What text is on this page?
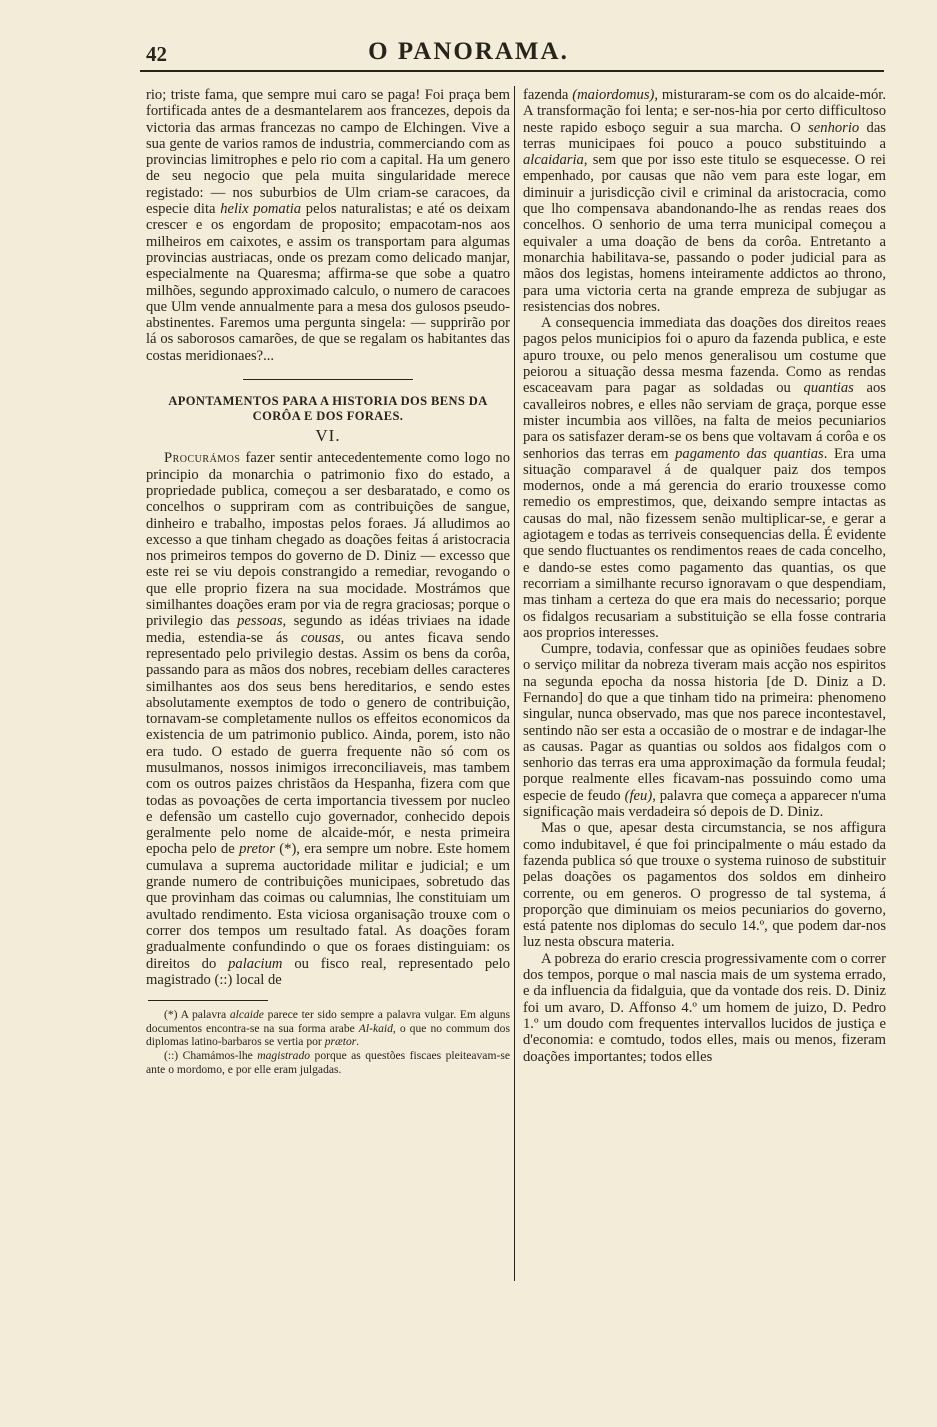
42	O PANORAMA.

rio; triste fama, que sempre mui caro se paga! Foi praça bem fortificada antes de a desmantelarem aos francezes, depois da victoria das armas francezas no campo de Elchingen. Vive a sua gente de varios ramos de industria, commerciando com as provincias limitrophes e pelo rio com a capital. Ha um genero de seu negocio que pela muita singularidade merece registado: — nos suburbios de Ulm criam-se caracoes, da especie dita helix pomatia pelos naturalistas; e até os deixam crescer e os engordam de proposito; empacotam-nos aos milheiros em caixotes, e assim os transportam para algumas provincias austriacas, onde os prezam como delicado manjar, especialmente na Quaresma; affirma-se que sobe a quatro milhões, segundo approximado calculo, o numero de caracoes que Ulm vende annualmente para a mesa dos gulosos pseudo-abstinentes. Faremos uma pergunta singela: — supprirão por lá os saborosos camarões, de que se regalam os habitantes das costas meridionaes?...

APONTAMENTOS PARA A HISTORIA DOS BENS DA CORÔA E DOS FORAES.
VI.

Procurámos fazer sentir antecedentemente como logo no principio da monarchia o patrimonio fixo do estado, a propriedade publica, começou a ser desbaratado, e como os concelhos o suppriram com as contribuições de sangue, dinheiro e trabalho, impostas pelos foraes. Já alludimos ao excesso a que tinham chegado as doações feitas á aristocracia nos primeiros tempos do governo de D. Diniz — excesso que este rei se viu depois constrangido a remediar, revogando o que elle proprio fizera na sua mocidade. Mostrámos que similhantes doações eram por via de regra graciosas; porque o privilegio das pessoas, segundo as idéas triviaes na idade media, estendia-se ás cousas, ou antes ficava sendo representado pelo privilegio destas. Assim os bens da corôa, passando para as mãos dos nobres, recebiam delles caracteres similhantes aos dos seus bens hereditarios, e sendo estes absolutamente exemptos de todo o genero de contribuição, tornavam-se completamente nullos os effeitos economicos da existencia de um patrimonio publico. Ainda, porem, isto não era tudo. O estado de guerra frequente não só com os musulmanos, nossos inimigos irreconciliaveis, mas tambem com os outros paizes christãos da Hespanha, fizera com que todas as povoações de certa importancia tivessem por nucleo e defensão um castello cujo governador, conhecido depois geralmente pelo nome de alcaide-mór, e nesta primeira epocha pelo de pretor (*), era sempre um nobre. Este homem cumulava a suprema auctoridade militar e judicial; e um grande numero de contribuições municipaes, sobretudo das que provinham das coimas ou calumnias, lhe constituiam um avultado rendimento. Esta viciosa organisação trouxe com o correr dos tempos um resultado fatal. As doações foram gradualmente confundindo o que os foraes distinguiam: os direitos do palacium ou fisco real, representado pelo magistrado (::) local de

(*) A palavra alcaide parece ter sido sempre a palavra vulgar. Em alguns documentos encontra-se na sua forma arabe Al-kaid, o que no commum dos diplomas latino-barbaros se vertia por prætor.

(::) Chamámos-lhe magistrado porque as questões fiscaes pleiteavam-se ante o mordomo, e por elle eram julgadas.

fazenda (maiordomus), misturaram-se com os do alcaide-mór. A transformação foi lenta; e ser-nos-hia por certo difficultoso neste rapido esboço seguir a sua marcha. O senhorio das terras municipaes foi pouco a pouco substituindo a alcaidaria, sem que por isso este titulo se esquecesse. O rei empenhado, por causas que não vem para este logar, em diminuir a jurisdicção civil e criminal da aristocracia, como que lho compensava abandonando-lhe as rendas reaes dos concelhos. O senhorio de uma terra municipal começou a equivaler a uma doação de bens da corôa. Entretanto a monarchia habilitava-se, passando o poder judicial para as mãos dos legistas, homens inteiramente addictos ao throno, para uma victoria certa na grande empreza de subjugar as resistencias dos nobres.

A consequencia immediata das doações dos direitos reaes pagos pelos municipios foi o apuro da fazenda publica, e este apuro trouxe, ou pelo menos generalisou um costume que peiorou a situação dessa mesma fazenda. Como as rendas escaceavam para pagar as soldadas ou quantias aos cavalleiros nobres, e elles não serviam de graça, porque esse mister incumbia aos villões, na falta de meios pecuniarios para os satisfazer deram-se os bens que voltavam á corôa e os senhorios das terras em pagamento das quantias. Era uma situação comparavel á de qualquer paiz dos tempos modernos, onde a má gerencia do erario trouxesse como remedio os emprestimos, que, deixando sempre intactas as causas do mal, não fizessem senão multiplicar-se, e gerar a agiotagem e todas as terriveis consequencias della. É evidente que sendo fluctuantes os rendimentos reaes de cada concelho, e dando-se estes como pagamento das quantias, os que recorriam a similhante recurso ignoravam o que despendiam, mas tinham a certeza do que era mais do necessario; porque os fidalgos recusariam a substituição se ella fosse contraria aos proprios interesses.

Cumpre, todavia, confessar que as opiniões feudaes sobre o serviço militar da nobreza tiveram mais acção nos espiritos na segunda epocha da nossa historia [de D. Diniz a D. Fernando] do que a que tinham tido na primeira: phenomeno singular, nunca observado, mas que nos parece incontestavel, sentindo não ser esta a occasião de o mostrar e de indagar-lhe as causas. Pagar as quantias ou soldos aos fidalgos com o senhorio das terras era uma approximação da formula feudal; porque realmente elles ficavam-nas possuindo como uma especie de feudo (feu), palavra que começa a apparecer n'uma significação mais verdadeira só depois de D. Diniz.

Mas o que, apesar desta circumstancia, se nos affigura como indubitavel, é que foi principalmente o máu estado da fazenda publica só que trouxe o systema ruinoso de substituir pelas doações os pagamentos dos soldos em dinheiro corrente, ou em generos. O progresso de tal systema, á proporção que diminuiam os meios pecuniarios do governo, está patente nos diplomas do seculo 14.º, que podem dar-nos luz nesta obscura materia.

A pobreza do erario crescia progressivamente com o correr dos tempos, porque o mal nascia mais de um systema errado, e da influencia da fidalguia, que da vontade dos reis. D. Diniz foi um avaro, D. Affonso 4.º um homem de juizo, D. Pedro 1.º um doudo com frequentes intervallos lucidos de justiça e d'economia: e comtudo, todos elles, mais ou menos, fizeram doações importantes; todos elles
